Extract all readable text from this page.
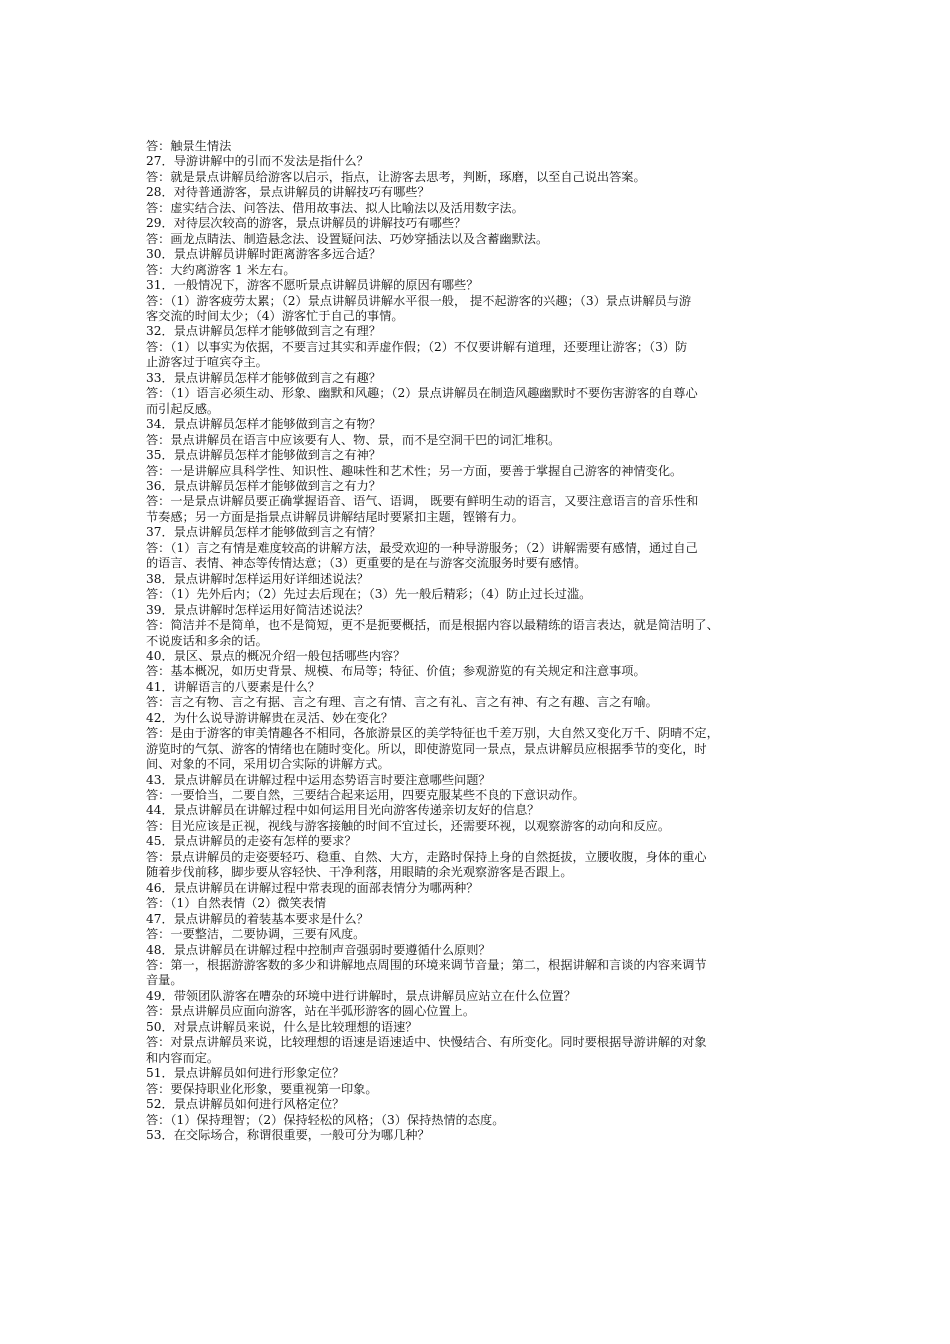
答：触景生情法
27．导游讲解中的引而不发法是指什么？
答：就是景点讲解员给游客以启示，指点，让游客去思考，判断，琢磨，以至自己说出答案。
28．对待普通游客，景点讲解员的讲解技巧有哪些？
答：虚实结合法、问答法、借用故事法、拟人比喻法以及活用数字法。
29．对待层次较高的游客，景点讲解员的讲解技巧有哪些？
答：画龙点睛法、制造悬念法、设置疑问法、巧妙穿插法以及含蓄幽默法。
30．景点讲解员讲解时距离游客多远合适？
答：大约离游客 1 米左右。
31．一般情况下，游客不愿听景点讲解员讲解的原因有哪些？
答：（1）游客疲劳太累；（2）景点讲解员讲解水平很一般， 提不起游客的兴趣；（3）景点讲解员与游
客交流的时间太少；（4）游客忙于自己的事情。
32．景点讲解员怎样才能够做到言之有理？
答：（1）以事实为依据，不要言过其实和弄虚作假；（2）不仅要讲解有道理，还要理让游客；（3）防
止游客过于喧宾夺主。
33．景点讲解员怎样才能够做到言之有趣？
答：（1）语言必须生动、形象、幽默和风趣；（2）景点讲解员在制造风趣幽默时不要伤害游客的自尊心
而引起反感。
34．景点讲解员怎样才能够做到言之有物？
答：景点讲解员在语言中应该要有人、物、景，而不是空洞干巴的词汇堆积。
35．景点讲解员怎样才能够做到言之有神？
答：一是讲解应具科学性、知识性、趣味性和艺术性；另一方面，要善于掌握自己游客的神情变化。
36．景点讲解员怎样才能够做到言之有力？
答：一是景点讲解员要正确掌握语音、语气、语调， 既要有鲜明生动的语言，又要注意语言的音乐性和
节奏感；另一方面是指景点讲解员讲解结尾时要紧扣主题，铿锵有力。
37．景点讲解员怎样才能够做到言之有情？
答：（1）言之有情是难度较高的讲解方法，最受欢迎的一种导游服务；（2）讲解需要有感情，通过自己
的语言、表情、神态等传情达意；（3）更重要的是在与游客交流服务时要有感情。
38．景点讲解时怎样运用好详细述说法？
答：（1）先外后内；（2）先过去后现在；（3）先一般后精彩；（4）防止过长过滥。
39．景点讲解时怎样运用好简洁述说法？
答：简洁并不是简单，也不是简短，更不是扼要概括，而是根据内容以最精练的语言表达，就是简洁明了、
不说废话和多余的话。
40．景区、景点的概况介绍一般包括哪些内容？
答：基本概况，如历史背景、规模、布局等；特征、价值；参观游览的有关规定和注意事项。
41．讲解语言的八要素是什么？
答：言之有物、言之有据、言之有理、言之有情、言之有礼、言之有神、有之有趣、言之有喻。
42．为什么说导游讲解贵在灵活、妙在变化？
答：是由于游客的审美情趣各不相同，各旅游景区的美学特征也千差万别，大自然又变化万千、阴晴不定，
游览时的气氛、游客的情绪也在随时变化。所以，即使游览同一景点，景点讲解员应根据季节的变化，时
间、对象的不同，采用切合实际的讲解方式。
43．景点讲解员在讲解过程中运用态势语言时要注意哪些问题？
答：一要恰当，二要自然，三要结合起来运用，四要克服某些不良的下意识动作。
44．景点讲解员在讲解过程中如何运用目光向游客传递亲切友好的信息？
答：目光应该是正视，视线与游客接触的时间不宜过长，还需要环视，以观察游客的动向和反应。
45．景点讲解员的走姿有怎样的要求？
答：景点讲解员的走姿要轻巧、稳重、自然、大方，走路时保持上身的自然挺拔，立腰收腹，身体的重心
随着步伐前移，脚步要从容轻快、干净利落，用眼睛的余光观察游客是否跟上。
46．景点讲解员在讲解过程中常表现的面部表情分为哪两种？
答：（1）自然表情（2）微笑表情
47．景点讲解员的着装基本要求是什么？
答：一要整洁，二要协调，三要有风度。
48．景点讲解员在讲解过程中控制声音强弱时要遵循什么原则？
答：第一，根据游游客数的多少和讲解地点周围的环境来调节音量；第二，根据讲解和言谈的内容来调节
音量。
49．带领团队游客在嘈杂的环境中进行讲解时，景点讲解员应站立在什么位置？
答：景点讲解员应面向游客，站在半弧形游客的圆心位置上。
50．对景点讲解员来说，什么是比较理想的语速？
答：对景点讲解员来说，比较理想的语速是语速适中、快慢结合、有所变化。同时要根据导游讲解的对象
和内容而定。
51．景点讲解员如何进行形象定位？
答：要保持职业化形象，要重视第一印象。
52．景点讲解员如何进行风格定位？
答：（1）保持理智；（2）保持轻松的风格；（3）保持热情的态度。
53．在交际场合，称谓很重要，一般可分为哪几种？
